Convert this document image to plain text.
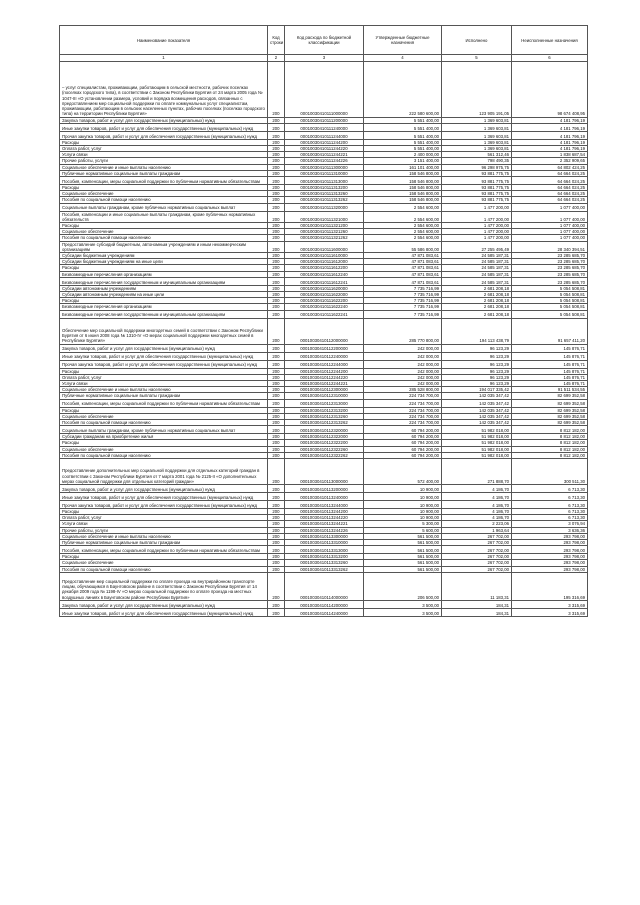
Наименование показателя	Код строки	Код расхода по бюджетной классификации	Утвержденные бюджетные назначения	Исполнено	Неисполненные назначения
1	2	3	4	5	6
– услуг специалистам, проживающим, работающим в сельской местности, рабочих поселках (поселках городского типа), в соответствии с Законом Республики Бурятия от 24 марта 2005 года № 1047-III «О установлении размера, условий и порядка возмещения расходов, связанных с предоставлением мер социальной поддержки по оплате коммунальных услуг специалистам, проживающим, работающим в сельских населенных пунктах, рабочих поселках (поселках городского типа) на территории Республики Бурятия»	200	00010030410111000000	222 580 600,00	123 905 191,05	98 674 408,95
Закупка товаров, работ и услуг для государственных (муниципальных) нужд	200	00010030410111200000	5 551 400,00	1 369 603,81	4 181 796,19
Иные закупки товаров, работ и услуг для обеспечения государственных (муниципальных) нужд	200	00010030410111240000	5 551 400,00	1 369 603,81	4 181 796,19
Прочая закупка товаров, работ и услуг для обеспечения государственных (муниципальных) нужд	200	00010030410111244000	5 551 400,00	1 369 603,81	4 181 796,19
Расходы	200	00010030410111244200	5 551 400,00	1 369 603,81	4 181 796,19
Оплата работ, услуг	200	00010030410111244220	5 551 400,00	1 369 603,81	4 181 796,19
Услуги связи	200	00010030410111244221	2 400 000,00	561 312,46	1 838 687,54
Прочие работы, услуги	200	00010030410111244226	3 151 400,00	798 490,35	2 352 909,65
Социальное обеспечение и иные выплаты населению	200	00010030410111300000	161 101 400,00	96 298 975,75	64 802 424,25
Публичные нормативные социальные выплаты гражданам	200	00010030410111310000	158 546 800,00	93 881 775,75	64 664 024,25
Пособия, компенсации, меры социальной поддержки по публичным нормативным обязательствам	200	00010030410111313000	158 546 800,00	93 881 775,75	64 664 024,25
Расходы	200	00010030410111313200	158 546 800,00	93 881 775,75	64 664 024,25
Социальное обеспечение	200	00010030410111313260	158 546 800,00	93 881 775,75	64 664 024,25
Пособия по социальной помощи населению	200	00010030410111313262	158 546 800,00	93 881 775,75	64 664 024,25
Социальные выплаты гражданам, кроме публичных нормативных социальных выплат	200	00010030410111320000	2 554 600,00	1 477 200,00	1 077 400,00
Пособия, компенсации и иные социальные выплаты гражданам, кроме публичных нормативных обязательств	200	00010030410111321000	2 554 600,00	1 477 200,00	1 077 400,00
Расходы	200	00010030410111321200	2 554 600,00	1 477 200,00	1 077 400,00
Социальное обеспечение	200	00010030410111321260	2 554 600,00	1 477 200,00	1 077 400,00
Пособия по социальной помощи населению	200	00010030410111321262	2 554 600,00	1 477 200,00	1 077 400,00
Предоставление субсидий бюджетным, автономным учреждениям и иным некоммерческим организациям	200	00010030410111600000	55 586 800,00	27 255 495,49	28 340 394,51
Субсидии бюджетным учреждениям	200	00010030410111610000	47 871 083,61	24 585 187,31	23 285 685,70
Субсидии бюджетным учреждениям на иные цели	200	00010030410111612000	47 871 083,61	24 585 187,31	23 285 685,70
Расходы	200	00010030410111612200	47 871 083,61	24 585 187,31	23 285 685,70
Безвозмездные перечисления организациям	200	00010030410111612240	47 871 083,61	24 585 187,31	23 285 685,70
Безвозмездные перечисления государственным и муниципальным организациям	200	00010030410111612241	47 871 083,61	24 585 187,31	23 285 685,70
Субсидии автономным учреждениям	200	00010030410111620000	7 735 716,99	2 681 208,18	5 054 508,81
Субсидии автономным учреждениям на иные цели	200	00010030410111622000	7 735 716,99	2 681 208,18	5 054 508,81
Расходы	200	00010030410111622200	7 735 716,99	2 681 208,18	5 054 508,81
Безвозмездные перечисления организациям	200	00010030410111622240	7 735 716,99	2 681 208,18	5 054 508,81
Безвозмездные перечисления государственным и муниципальным организациям	200	00010030410111622241	7 735 716,99	2 681 208,18	5 054 508,81
Обеспечение мер социальной поддержки многодетных семей в соответствии с Законом Республики Бурятия от 6 июня 2008 года № 1310-IV «О мерах социальной поддержки многодетных семей в Республике Бурятия»	200	00010030410112000000	285 770 800,00	194 113 438,79	91 657 411,20
Закупка товаров, работ и услуг для государственных (муниципальных) нужд	200	00010030410112200000	242 000,00	96 123,29	145 876,71
Иные закупки товаров, работ и услуг для обеспечения государственных (муниципальных) нужд	200	00010030410112240000	242 000,00	96 123,29	145 876,71
Прочая закупка товаров, работ и услуг для обеспечения государственных (муниципальных) нужд	200	00010030410112244000	242 000,00	96 123,29	145 876,71
Расходы	200	00010030410112244200	242 000,00	96 123,29	145 876,71
Оплата работ, услуг	200	00010030410112244220	242 000,00	96 123,29	145 876,71
Услуги связи	200	00010030410112244221	242 000,00	96 123,29	145 876,71
Социальное обеспечение и иные выплаты населению	200	00010030410112300000	285 528 800,00	194 017 335,42	91 511 534,55
Публичные нормативные социальные выплаты гражданам	200	00010030410112310000	224 734 700,00	142 035 347,42	82 699 352,58
Пособия, компенсации, меры социальной поддержки по публичным нормативным обязательствам	200	00010030410112313000	224 734 700,00	142 035 347,42	82 699 352,58
Расходы	200	00010030410112313200	224 734 700,00	142 035 347,42	82 699 352,58
Социальное обеспечение	200	00010030410112313260	224 734 700,00	142 035 347,42	82 699 352,58
Пособия по социальной помощи населению	200	00010030410112313262	224 734 700,00	142 035 347,42	82 699 352,58
Социальные выплаты гражданам, кроме публичных нормативных социальных выплат	200	00010030410112320000	60 794 200,00	51 982 018,00	8 812 182,00
Субсидии гражданам на приобретение жилья	200	00010030410112322000	60 794 200,00	51 982 018,00	8 812 182,00
Расходы	200	00010030410112322200	60 794 200,00	51 982 018,00	8 812 182,00
Социальное обеспечение	200	00010030410112322260	60 794 200,00	51 982 018,00	8 812 182,00
Пособия по социальной помощи населению	200	00010030410112322262	60 794 200,00	51 982 018,00	8 812 182,00
Предоставление дополнительных мер социальной поддержки для отдельных категорий граждан в соответствии с Законом Республики Бурятия от 7 марта 2001 года № 2125-II «О дополнительных мерах социальной поддержки для отдельных категорий граждан»	200	00010030410113000000	572 400,00	271 888,70	300 511,30
Закупка товаров, работ и услуг для государственных (муниципальных) нужд	200	00010030410113200000	10 900,00	4 186,70	6 713,30
Иные закупки товаров, работ и услуг для обеспечения государственных (муниципальных) нужд	200	00010030410113240000	10 900,00	4 186,70	6 713,30
Прочая закупка товаров, работ и услуг для обеспечения государственных (муниципальных) нужд	200	00010030410113244000	10 900,00	4 186,70	6 713,30
Расходы	200	00010030410113244200	10 900,00	4 186,70	6 713,30
Оплата работ, услуг	200	00010030410113244220	10 900,00	4 186,70	6 713,30
Услуги связи	200	00010030410113244221	5 300,00	2 223,06	3 076,94
Прочие работы, услуги	200	00010030410113244226	5 600,00	1 963,64	3 636,36
Социальное обеспечение и иные выплаты населению	200	00010030410113300000	561 500,00	267 702,00	293 798,00
Публичные нормативные социальные выплаты гражданам	200	00010030410113310000	561 500,00	267 702,00	293 798,00
Пособия, компенсации, меры социальной поддержки по публичным нормативным обязательствам	200	00010030410113313000	561 500,00	267 702,00	293 798,00
Расходы	200	00010030410113313200	561 500,00	267 702,00	293 798,00
Социальное обеспечение	200	00010030410113313260	561 500,00	267 702,00	293 798,00
Пособия по социальной помощи населению	200	00010030410113313262	561 500,00	267 702,00	293 798,00
Предоставление мер социальной поддержки по оплате проезда на внутрирайонном транспорте лицам, обучающимся в Баунтовском районе в соответствии с Законом Республики Бурятия от 14 декабря 2009 года № 1198-IV «О мерах социальной поддержки по оплате проезда на местных воздушных линиях в Баунтовском районе Республики Бурятия»	200	00010030410114000000	206 500,00	11 183,31	195 316,69
Закупка товаров, работ и услуг для государственных (муниципальных) нужд	200	00010030410114200000	3 500,00	184,31	3 315,69
Иные закупки товаров, работ и услуг для обеспечения государственных (муниципальных) нужд	200	00010030410114240000	3 500,00	184,31	3 315,69
